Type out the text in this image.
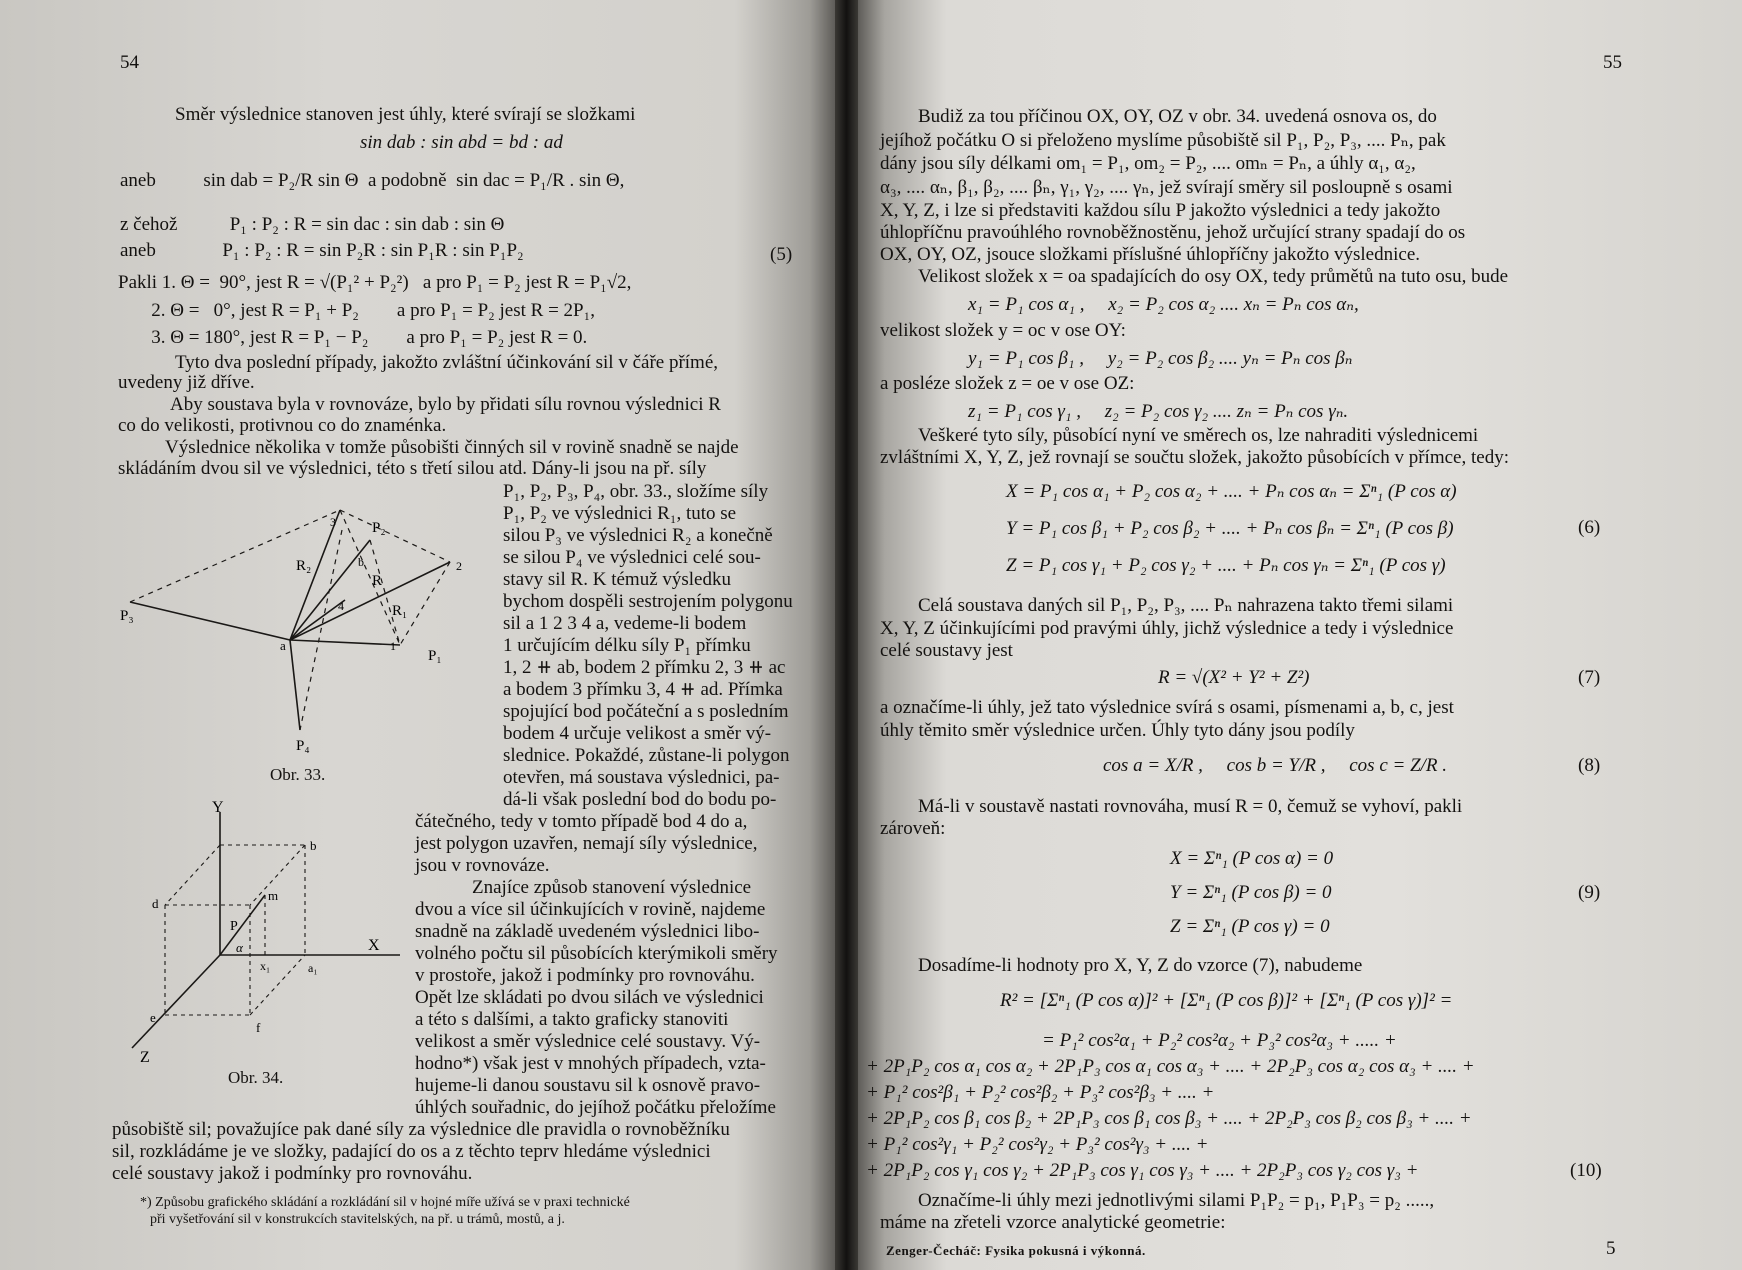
54
Směr výslednice stanoven jest úhly, které svírají se složkami
sin dab : sin abd = bd : ad
aneb          sin dab = P₂/R sin Θ  a podobně  sin dac = P₁/R . sin Θ,
z čehož           P₁ : P₂ : R = sin dac : sin dab : sin Θ
aneb              P₁ : P₂ : R = sin P₂R : sin P₁R : sin P₁P₂	(5)
Pakli 1. Θ =  90°, jest R = √(P₁² + P₂²)   a pro P₁ = P₂ jest R = P₁√2,
2. Θ =   0°, jest R = P₁ + P₂        a pro P₁ = P₂ jest R = 2P₁,
3. Θ = 180°, jest R = P₁ − P₂        a pro P₁ = P₂ jest R = 0.
Tyto dva poslední případy, jakožto zvláštní účinkování sil v čáře přímé,
uvedeny již dříve.
Aby soustava byla v rovnováze, bylo by přidati sílu rovnou výslednici R
co do velikosti, protivnou co do znaménka.
Výslednice několika v tomže působišti činných sil v rovině snadně se najde
skládáním dvou sil ve výslednici, této s třetí silou atd. Dány-li jsou na př. síly
P₁, P₂, P₃, P₄, obr. 33., složíme síly
P₁, P₂ ve výslednici R₁, tuto se
silou P₃ ve výslednici R₂ a konečně
se silou P₄ ve výslednici celé sou-
stavy sil R. K témuž výsledku
bychom dospěli sestrojením polygonu
sil a 1 2 3 4 a, vedeme-li bodem
1 určujícím délku síly P₁ přímku
1, 2 ⧺ ab, bodem 2 přímku 2, 3 ⧺ ac
a bodem 3 přímku 3, 4 ⧺ ad. Přímka
spojující bod počáteční a s posledním
bodem 4 určuje velikost a směr vý-
slednice. Pokaždé, zůstane-li polygon
otevřen, má soustava výslednici, pa-
dá-li však poslední bod do bodu po-
čátečného, tedy v tomto případě bod 4 do a,
jest polygon uzavřen, nemají síly výslednice,
jsou v rovnováze.
Znajíce způsob stanovení výslednice
dvou a více sil účinkujících v rovině, najdeme
snadně na základě uvedeném výslednici libo-
volného počtu sil působících kterýmikoli směry
v prostoře, jakož i podmínky pro rovnováhu.
Opět lze skládati po dvou silách ve výslednici
a této s dalšími, a takto graficky stanoviti
velikost a směr výslednice celé soustavy. Vý-
hodno*) však jest v mnohých případech, vzta-
hujeme-li danou soustavu sil k osnově pravo-
úhlých souřadnic, do jejíhož počátku přeložíme
působiště sil; považujíce pak dané síly za výslednice dle pravidla o rovnoběžníku
sil, rozkládáme je ve složky, padající do os a z těchto teprv hledáme výslednici
celé soustavy jakož i podmínky pro rovnováhu.
P₃
P₂
R₂
R
R₁
P₁
P₄
a
3
2
b
4
1
Obr. 33.
Y
X
Z
b
d
m
P
α
x₁	a₁
e
f
Obr. 34.
*) Způsobu grafického skládání a rozkládání sil v hojné míře užívá se v praxi technické
při vyšetřování sil v konstrukcích stavitelských, na př. u trámů, mostů, a j.
55
Budiž za tou příčinou OX, OY, OZ v obr. 34. uvedená osnova os, do
jejíhož počátku O si přeloženo myslíme působiště sil P₁, P₂, P₃, .... Pₙ, pak
dány jsou síly délkami om₁ = P₁, om₂ = P₂, .... omₙ = Pₙ, a úhly α₁, α₂,
α₃, .... αₙ, β₁, β₂, .... βₙ, γ₁, γ₂, .... γₙ, jež svírají směry sil posloupně s osami
X, Y, Z, i lze si představiti každou sílu P jakožto výslednici a tedy jakožto
úhlopříčnu pravoúhlého rovnoběžnostěnu, jehož určující strany spadají do os
OX, OY, OZ, jsouce složkami příslušné úhlopříčny jakožto výslednice.
Velikost složek x = oa spadajících do osy OX, tedy průmětů na tuto osu, bude
x₁ = P₁ cos α₁ ,     x₂ = P₂ cos α₂ .... xₙ = Pₙ cos αₙ,
velikost složek y = oc v ose OY:
y₁ = P₁ cos β₁ ,     y₂ = P₂ cos β₂ .... yₙ = Pₙ cos βₙ
a posléze složek z = oe v ose OZ:
z₁ = P₁ cos γ₁ ,     z₂ = P₂ cos γ₂ .... zₙ = Pₙ cos γₙ.
Veškeré tyto síly, působící nyní ve směrech os, lze nahraditi výslednicemi
zvláštními X, Y, Z, jež rovnají se součtu složek, jakožto působících v přímce, tedy:
X = P₁ cos α₁ + P₂ cos α₂ + .... + Pₙ cos αₙ = Σⁿ₁ (P cos α)
Y = P₁ cos β₁ + P₂ cos β₂ + .... + Pₙ cos βₙ = Σⁿ₁ (P cos β)
Z = P₁ cos γ₁ + P₂ cos γ₂ + .... + Pₙ cos γₙ = Σⁿ₁ (P cos γ)
(6)
Celá soustava daných sil P₁, P₂, P₃, .... Pₙ nahrazena takto třemi silami
X, Y, Z účinkujícími pod pravými úhly, jichž výslednice a tedy i výslednice
celé soustavy jest
R = √(X² + Y² + Z²)	(7)
a označíme-li úhly, jež tato výslednice svírá s osami, písmenami a, b, c, jest
úhly těmito směr výslednice určen. Úhly tyto dány jsou podíly
cos a = X/R ,     cos b = Y/R ,     cos c = Z/R .	(8)
Má-li v soustavě nastati rovnováha, musí R = 0, čemuž se vyhoví, pakli
zároveň:
X = Σⁿ₁ (P cos α) = 0
Y = Σⁿ₁ (P cos β) = 0
Z = Σⁿ₁ (P cos γ) = 0
(9)
Dosadíme-li hodnoty pro X, Y, Z do vzorce (7), nabudeme
R² = [Σⁿ₁ (P cos α)]² + [Σⁿ₁ (P cos β)]² + [Σⁿ₁ (P cos γ)]² =
= P₁² cos²α₁ + P₂² cos²α₂ + P₃² cos²α₃ + ..... +
+ 2P₁P₂ cos α₁ cos α₂ + 2P₁P₃ cos α₁ cos α₃ + .... + 2P₂P₃ cos α₂ cos α₃ + .... +
+ P₁² cos²β₁ + P₂² cos²β₂ + P₃² cos²β₃ + .... +
+ 2P₁P₂ cos β₁ cos β₂ + 2P₁P₃ cos β₁ cos β₃ + .... + 2P₂P₃ cos β₂ cos β₃ + .... +
+ P₁² cos²γ₁ + P₂² cos²γ₂ + P₃² cos²γ₃ + .... +
+ 2P₁P₂ cos γ₁ cos γ₂ + 2P₁P₃ cos γ₁ cos γ₃ + .... + 2P₂P₃ cos γ₂ cos γ₃ +	(10)
Označíme-li úhly mezi jednotlivými silami P₁P₂ = p₁, P₁P₃ = p₂ .....,
máme na zřeteli vzorce analytické geometrie:
Zenger-Čecháč: Fysika pokusná i výkonná.	5
